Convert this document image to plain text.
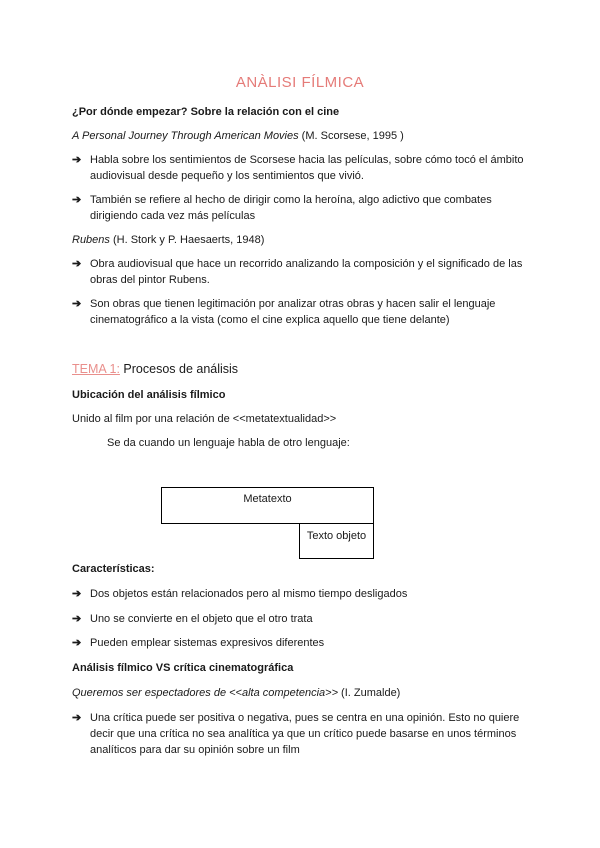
ANÀLISI FÍLMICA
¿Por dónde empezar? Sobre la relación con el cine
A Personal Journey Through American Movies (M. Scorsese, 1995 )
➔ Habla sobre los sentimientos de Scorsese hacia las películas, sobre cómo tocó el ámbito audiovisual desde pequeño y los sentimientos que vivió.
➔ También se refiere al hecho de dirigir como la heroína, algo adictivo que combates dirigiendo cada vez más películas
Rubens (H. Stork y P. Haesaerts, 1948)
➔ Obra audiovisual que hace un recorrido analizando la composición y el significado de las obras del pintor Rubens.
➔ Son obras que tienen legitimación por analizar otras obras y hacen salir el lenguaje cinematográfico a la vista (como el cine explica aquello que tiene delante)
TEMA 1: Procesos de análisis
Ubicación del análisis fílmico
Unido al film por una relación de <<metatextualidad>>
Se da cuando un lenguaje habla de otro lenguaje:
Metatexto
Texto objeto
Características:
➔ Dos objetos están relacionados pero al mismo tiempo desligados
➔ Uno se convierte en el objeto que el otro trata
➔ Pueden emplear sistemas expresivos diferentes
Análisis fílmico VS crítica cinematográfica
Queremos ser espectadores de <<alta competencia>> (I. Zumalde)
➔ Una crítica puede ser positiva o negativa, pues se centra en una opinión. Esto no quiere decir que una crítica no sea analítica ya que un crítico puede basarse en unos términos analíticos para dar su opinión sobre un film
